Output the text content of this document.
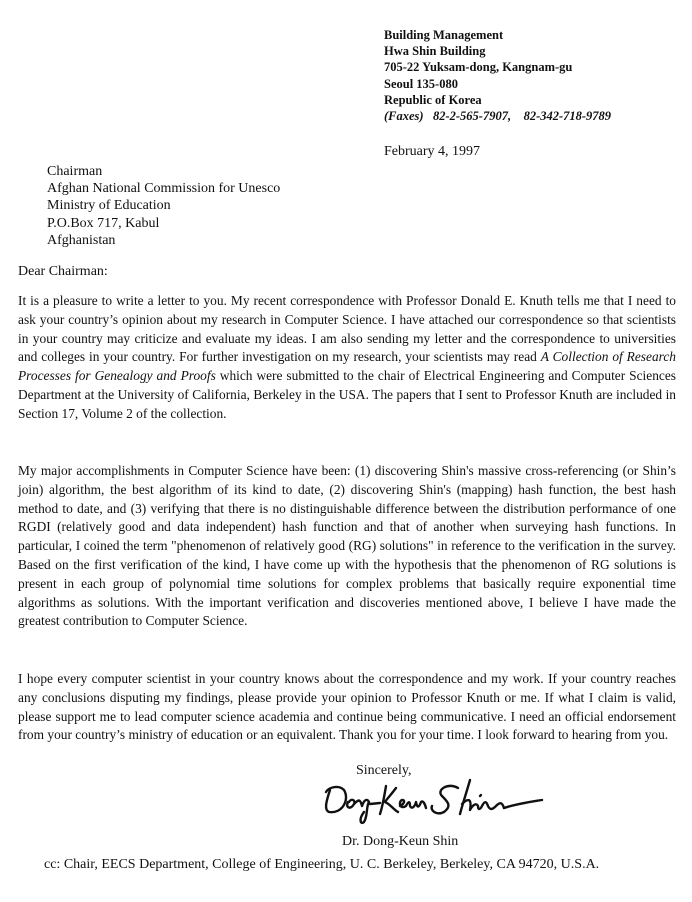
Building Management
Hwa Shin Building
705-22 Yuksam-dong, Kangnam-gu
Seoul 135-080
Republic of Korea
(Faxes) 82-2-565-7907,    82-342-718-9789
February 4, 1997
Chairman
Afghan National Commission for Unesco
Ministry of Education
P.O.Box 717, Kabul
Afghanistan
Dear Chairman:

It is a pleasure to write a letter to you. My recent correspondence with Professor Donald E. Knuth tells me that I need to ask your country’s opinion about my research in Computer Science. I have attached our correspondence so that scientists in your country may criticize and evaluate my ideas. I am also sending my letter and the correspondence to universities and colleges in your country. For further investigation on my research, your scientists may read A Collection of Research Processes for Genealogy and Proofs which were submitted to the chair of Electrical Engineering and Computer Sciences Department at the University of California, Berkeley in the USA. The papers that I sent to Professor Knuth are included in Section 17, Volume 2 of the collection.

My major accomplishments in Computer Science have been: (1) discovering Shin's massive cross-referencing (or Shin’s join) algorithm, the best algorithm of its kind to date, (2) discovering Shin's (mapping) hash function, the best hash method to date, and (3) verifying that there is no distinguishable difference between the distribution performance of one RGDI (relatively good and data independent) hash function and that of another when surveying hash functions. In particular, I coined the term "phenomenon of relatively good (RG) solutions" in reference to the verification in the survey. Based on the first verification of the kind, I have come up with the hypothesis that the phenomenon of RG solutions is present in each group of polynomial time solutions for complex problems that basically require exponential time algorithms as solutions. With the important verification and discoveries mentioned above, I believe I have made the greatest contribution to Computer Science.

I hope every computer scientist in your country knows about the correspondence and my work. If your country reaches any conclusions disputing my findings, please provide your opinion to Professor Knuth or me. If what I claim is valid, please support me to lead computer science academia and continue being communicative. I need an official endorsement from your country’s ministry of education or an equivalent. Thank you for your time. I look forward to hearing from you.

Sincerely,
Dr. Dong-Keun Shin
cc: Chair, EECS Department, College of Engineering, U. C. Berkeley, Berkeley, CA 94720, U.S.A.
